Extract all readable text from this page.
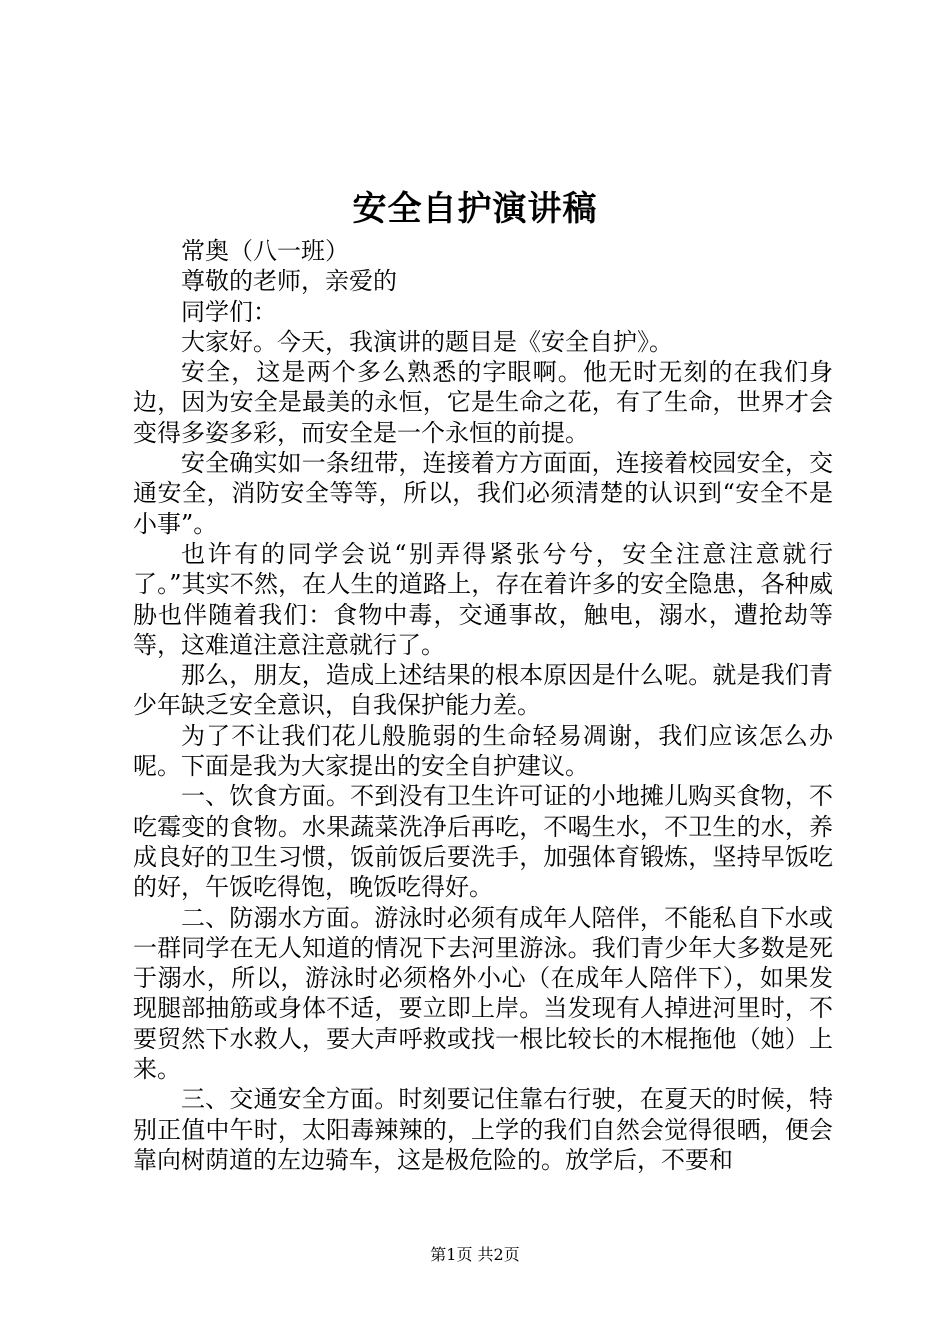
安全自护演讲稿

常奥（八一班）

尊敬的老师，亲爱的

同学们：

大家好。今天，我演讲的题目是《安全自护》。

安全，这是两个多么熟悉的字眼啊。他无时无刻的在我们身边，因为安全是最美的永恒，它是生命之花，有了生命，世界才会变得多姿多彩，而安全是一个永恒的前提。

安全确实如一条纽带，连接着方方面面，连接着校园安全，交通安全，消防安全等等，所以，我们必须清楚的认识到“安全不是小事”。

也许有的同学会说“别弄得紧张兮兮，安全注意注意就行了。”其实不然，在人生的道路上，存在着许多的安全隐患，各种威胁也伴随着我们：食物中毒，交通事故，触电，溺水，遭抢劫等等，这难道注意注意就行了。

那么，朋友，造成上述结果的根本原因是什么呢。就是我们青少年缺乏安全意识，自我保护能力差。

为了不让我们花儿般脆弱的生命轻易凋谢，我们应该怎么办呢。下面是我为大家提出的安全自护建议。

一、饮食方面。不到没有卫生许可证的小地摊儿购买食物，不吃霉变的食物。水果蔬菜洗净后再吃，不喝生水，不卫生的水，养成良好的卫生习惯，饭前饭后要洗手，加强体育锻炼，坚持早饭吃的好，午饭吃得饱，晚饭吃得好。

二、防溺水方面。游泳时必须有成年人陪伴，不能私自下水或一群同学在无人知道的情况下去河里游泳。我们青少年大多数是死于溺水，所以，游泳时必须格外小心（在成年人陪伴下），如果发现腿部抽筋或身体不适，要立即上岸。当发现有人掉进河里时，不要贸然下水救人，要大声呼救或找一根比较长的木棍拖他（她）上来。

三、交通安全方面。时刻要记住靠右行驶，在夏天的时候，特别正值中午时，太阳毒辣辣的，上学的我们自然会觉得很晒，便会靠向树荫道的左边骑车，这是极危险的。放学后，不要和

第1页 共2页
